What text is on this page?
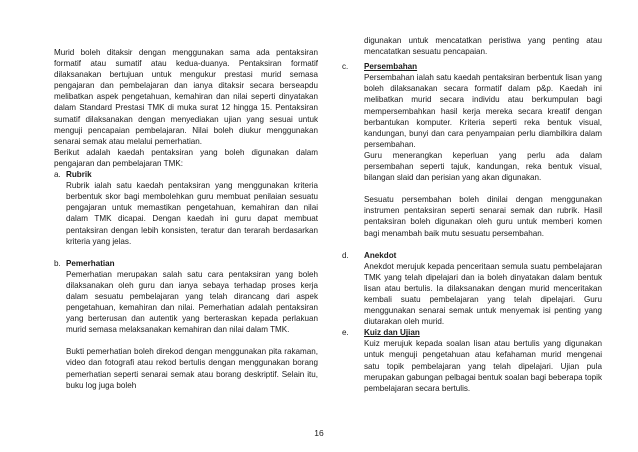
Murid boleh ditaksir dengan menggunakan sama ada pentaksiran formatif atau sumatif atau kedua-duanya. Pentaksiran formatif dilaksanakan bertujuan untuk mengukur prestasi murid semasa pengajaran dan pembelajaran dan ianya ditaksir secara berseapdu melibatkan aspek pengetahuan, kemahiran dan nilai seperti dinyatakan dalam Standard Prestasi TMK di muka surat 12 hingga 15. Pentaksiran sumatif dilaksanakan dengan menyediakan ujian yang sesuai untuk menguji pencapaian pembelajaran. Nilai boleh diukur menggunakan senarai semak atau melalui pemerhatian.

Berikut adalah kaedah pentaksiran yang boleh digunakan dalam pengajaran dan pembelajaran TMK:

a. Rubrik

Rubrik ialah satu kaedah pentaksiran yang menggunakan kriteria berbentuk skor bagi membolehkan guru membuat penilaian sesuatu pengajaran untuk memastikan pengetahuan, kemahiran dan nilai dalam TMK dicapai. Dengan kaedah ini guru dapat membuat pentaksiran dengan lebih konsisten, teratur dan terarah berdasarkan kriteria yang jelas.

b. Pemerhatian

Pemerhatian merupakan salah satu cara pentaksiran yang boleh dilaksanakan oleh guru dan ianya sebaya terhadap proses kerja dalam sesuatu pembelajaran yang telah dirancang dari aspek pengetahuan, kemahiran dan nilai. Pemerhatian adalah pentaksiran yang berterusan dan autentik yang berteraskan kepada perlakuan murid semasa melaksanakan kemahiran dan nilai dalam TMK.

Bukti pemerhatian boleh direkod dengan menggunakan pita rakaman, video dan fotografi atau rekod bertulis dengan menggunakan borang pemerhatian seperti senarai semak atau borang deskriptif. Selain itu, buku log juga boleh

digunakan untuk mencatatkan peristiwa yang penting atau mencatatkan sesuatu pencapaian.

c. Persembahan

Persembahan ialah satu kaedah pentaksiran berbentuk lisan yang boleh dilaksanakan secara formatif dalam p&p. Kaedah ini melibatkan murid secara individu atau berkumpulan bagi mempersembahkan hasil kerja mereka secara kreatif dengan berbantukan komputer. Kriteria seperti reka bentuk visual, kandungan, bunyi dan cara penyampaian perlu diambilkira dalam persembahan.

Guru menerangkan keperluan yang perlu ada dalam persembahan seperti tajuk, kandungan, reka bentuk visual, bilangan slaid dan perisian yang akan digunakan.

Sesuatu persembahan boleh dinilai dengan menggunakan instrumen pentaksiran seperti senarai semak dan rubrik. Hasil pentaksiran boleh digunakan oleh guru untuk memberi komen bagi menambah baik mutu sesuatu persembahan.

d. Anekdot

Anekdot merujuk kepada penceritaan semula suatu pembelajaran TMK yang telah dipelajari dan ia boleh dinyatakan dalam bentuk lisan atau bertulis. Ia dilaksanakan dengan murid menceritakan kembali suatu pembelajaran yang telah dipelajari. Guru menggunakan senarai semak untuk menyemak isi penting yang diutarakan oleh murid.

e. Kuiz dan Ujian

Kuiz merujuk kepada soalan lisan atau bertulis yang digunakan untuk menguji pengetahuan atau kefahaman murid mengenai satu topik pembelajaran yang telah dipelajari. Ujian pula merupakan gabungan pelbagai bentuk soalan bagi beberapa topik pembelajaran secara bertulis.

16
